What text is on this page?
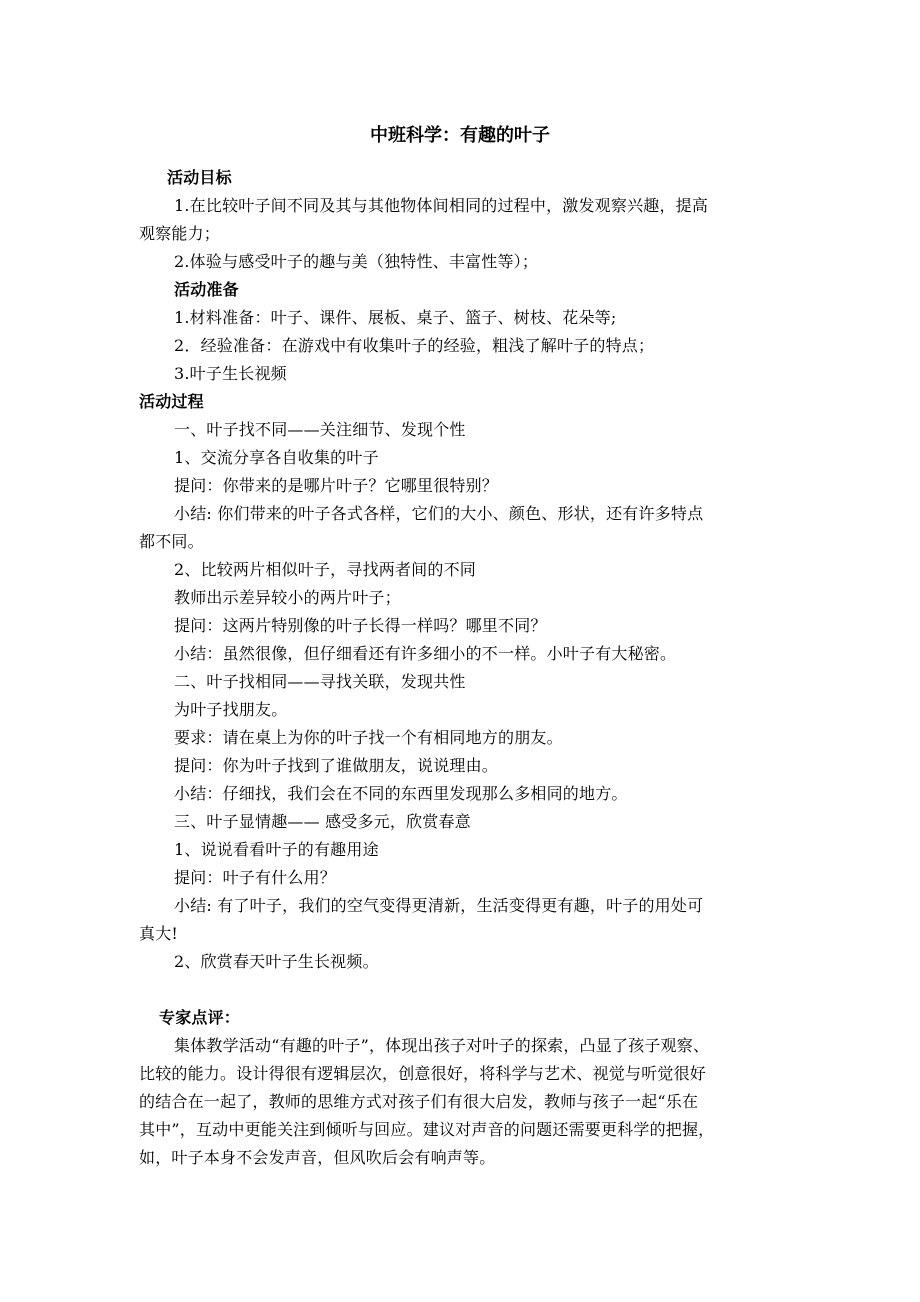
中班科学：有趣的叶子
活动目标
1.在比较叶子间不同及其与其他物体间相同的过程中，激发观察兴趣，提高
观察能力；
2.体验与感受叶子的趣与美（独特性、丰富性等）；
活动准备
1.材料准备：叶子、课件、展板、桌子、篮子、树枝、花朵等;
2．经验准备：在游戏中有收集叶子的经验，粗浅了解叶子的特点；
3.叶子生长视频
活动过程
一、叶子找不同——关注细节、发现个性
1、交流分享各自收集的叶子
提问：你带来的是哪片叶子？它哪里很特别？
小结: 你们带来的叶子各式各样，它们的大小、颜色、形状，还有许多特点
都不同。
2、比较两片相似叶子，寻找两者间的不同
教师出示差异较小的两片叶子；
提问：这两片特别像的叶子长得一样吗？哪里不同？
小结：虽然很像，但仔细看还有许多细小的不一样。小叶子有大秘密。
二、叶子找相同——寻找关联，发现共性
为叶子找朋友。
要求：请在桌上为你的叶子找一个有相同地方的朋友。
提问：你为叶子找到了谁做朋友，说说理由。
小结：仔细找，我们会在不同的东西里发现那么多相同的地方。
三、叶子显情趣—— 感受多元，欣赏春意
1、说说看看叶子的有趣用途
提问：叶子有什么用？
小结: 有了叶子，我们的空气变得更清新，生活变得更有趣，叶子的用处可
真大!
2、欣赏春天叶子生长视频。
专家点评：
集体教学活动“有趣的叶子”，体现出孩子对叶子的探索，凸显了孩子观察、
比较的能力。设计得很有逻辑层次，创意很好，将科学与艺术、视觉与听觉很好
的结合在一起了，教师的思维方式对孩子们有很大启发，教师与孩子一起“乐在
其中”，互动中更能关注到倾听与回应。建议对声音的问题还需要更科学的把握，
如，叶子本身不会发声音，但风吹后会有响声等。
